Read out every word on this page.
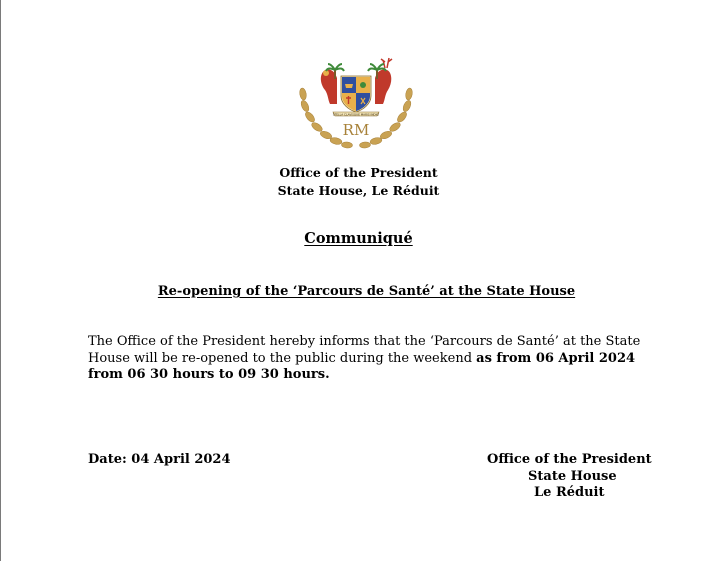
STELLA CLAVISQUE MARIS INDICI
RM
Office of the President
State House, Le Réduit
Communiqué
Re-opening of the ‘Parcours de Santé’ at the State House
The Office of the President hereby informs that the ‘Parcours de Santé’ at the State House will be re-opened to the public during the weekend as from 06 April 2024 from 06 30 hours to 09 30 hours.
Date: 04 April 2024	Office of the President
State House
Le Réduit
